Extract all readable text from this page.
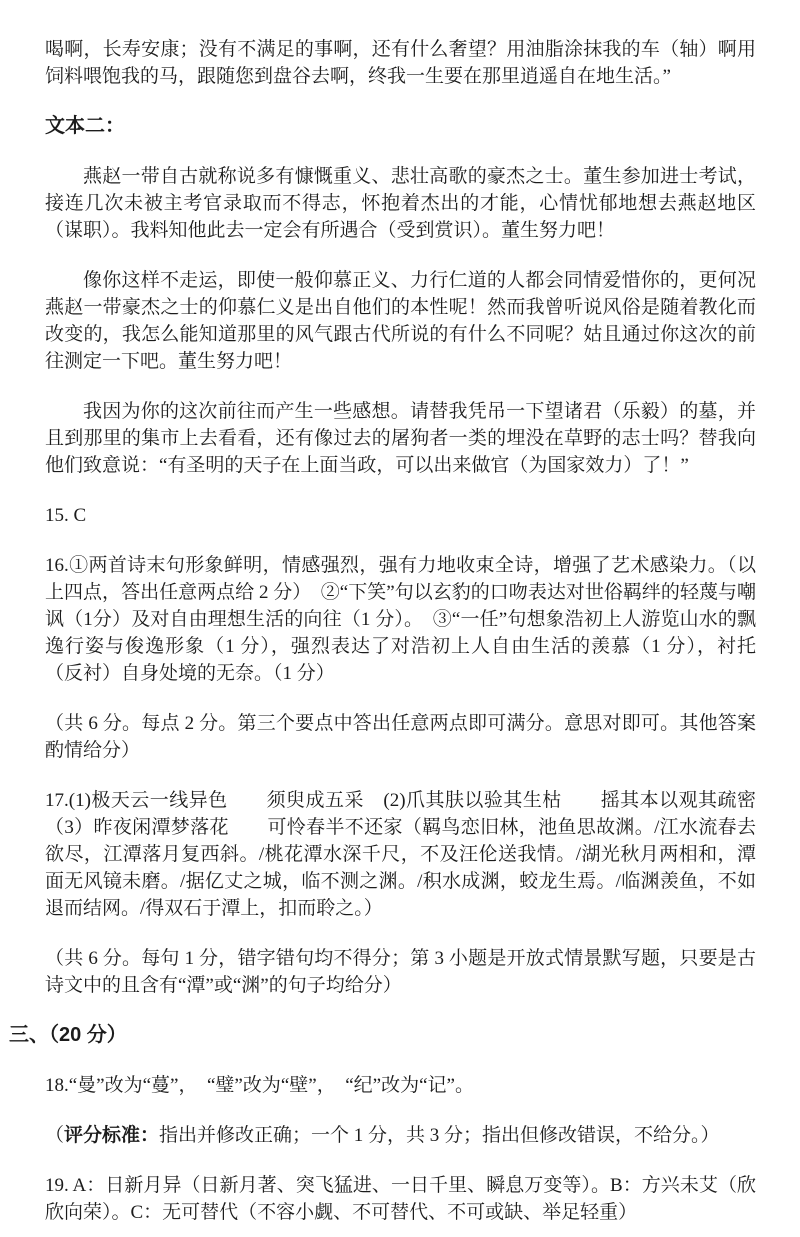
喝啊，长寿安康；没有不满足的事啊，还有什么奢望？用油脂涂抹我的车（轴）啊用饲料喂饱我的马，跟随您到盘谷去啊，终我一生要在那里逍遥自在地生活。”

文本二：

燕赵一带自古就称说多有慷慨重义、悲壮高歌的豪杰之士。董生参加进士考试，接连几次未被主考官录取而不得志，怀抱着杰出的才能，心情忧郁地想去燕赵地区（谋职）。我料知他此去一定会有所遇合（受到赏识）。董生努力吧！

像你这样不走运，即使一般仰慕正义、力行仁道的人都会同情爱惜你的，更何况燕赵一带豪杰之士的仰慕仁义是出自他们的本性呢！然而我曾听说风俗是随着教化而改变的，我怎么能知道那里的风气跟古代所说的有什么不同呢？姑且通过你这次的前往测定一下吧。董生努力吧！

我因为你的这次前往而产生一些感想。请替我凭吊一下望诸君（乐毅）的墓，并且到那里的集市上去看看，还有像过去的屠狗者一类的埋没在草野的志士吗？替我向他们致意说：“有圣明的天子在上面当政，可以出来做官（为国家效力）了！”

15. C

16.①两首诗末句形象鲜明，情感强烈，强有力地收束全诗，增强了艺术感染力。（以上四点，答出任意两点给 2 分）　②“下笑”句以玄豹的口吻表达对世俗羁绊的轻蔑与嘲讽（1分）及对自由理想生活的向往（1 分）。　③“一任”句想象浩初上人游览山水的飘逸行姿与俊逸形象（1 分），强烈表达了对浩初上人自由生活的羡慕（1 分），衬托（反衬）自身处境的无奈。（1 分）

（共 6 分。每点 2 分。第三个要点中答出任意两点即可满分。意思对即可。其他答案酌情给分）

17.(1)极天云一线异色　　须臾成五采　(2)爪其肤以验其生枯　　摇其本以观其疏密　（3）昨夜闲潭梦落花　　可怜春半不还家（羁鸟恋旧林，池鱼思故渊。/江水流春去欲尽，江潭落月复西斜。/桃花潭水深千尺，不及汪伦送我情。/湖光秋月两相和，潭面无风镜未磨。/据亿丈之城，临不测之渊。/积水成渊，蛟龙生焉。/临渊羡鱼，不如退而结网。/得双石于潭上，扣而聆之。）

（共 6 分。每句 1 分，错字错句均不得分；第 3 小题是开放式情景默写题，只要是古诗文中的且含有“潭”或“渊”的句子均给分）

三、（20 分）

18.“曼”改为“蔓”，　“璧”改为“壁”，　“纪”改为“记”。

（评分标准：指出并修改正确；一个 1 分，共 3 分；指出但修改错误，不给分。）

19. A：日新月异（日新月著、突飞猛进、一日千里、瞬息万变等）。B：方兴未艾（欣欣向荣）。C：无可替代（不容小觑、不可替代、不可或缺、举足轻重）
